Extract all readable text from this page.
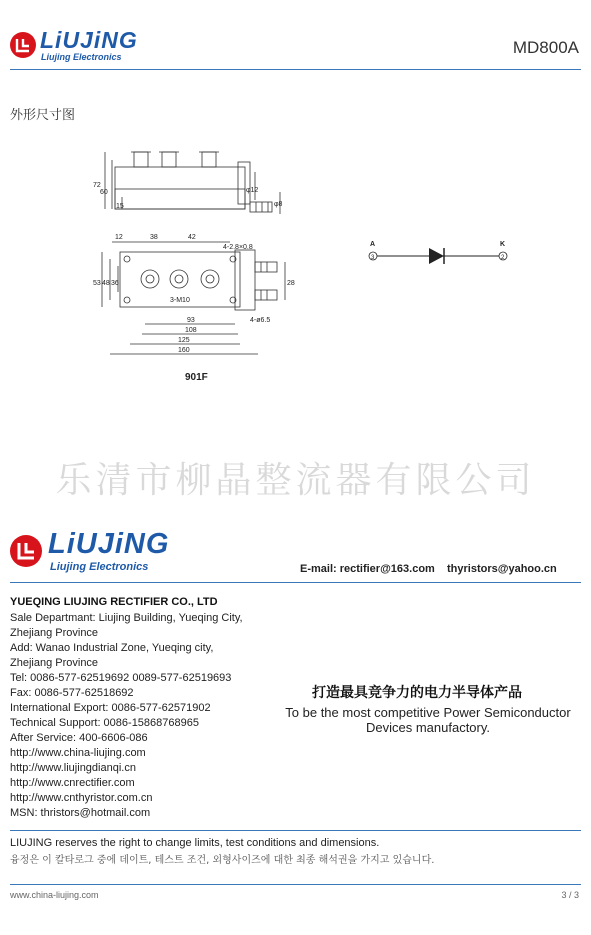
LiUJiNG
Liujing Electronics	MD800A
外形尺寸图
72
60
15
φ12
φ8
12	38	42
53 48 36
93
108
125
160
4-2.8×0.8
3-M10
4-ø6.5
28
901F
A
3
K
2
乐清市柳晶整流器有限公司
LiUJiNG
Liujing Electronics	E-mail: rectifier@163.com thyristors@yahoo.cn
YUEQING LIUJING RECTIFIER CO., LTD
Sale Departmant: Liujing Building, Yueqing City,
Zhejiang Province
Add: Wanao Industrial Zone, Yueqing city,
Zhejiang Province
Tel: 0086-577-62519692 0089-577-62519693
Fax: 0086-577-62518692
International Export: 0086-577-62571902
Technical Support: 0086-15868768965
After Service: 400-6606-086
http://www.china-liujing.com
http://www.liujingdianqi.cn
http://www.cnrectifier.com
http://www.cnthyristor.com.cn
MSN: thristors@hotmail.com
打造最具竞争力的电力半导体产品
To be the most competitive Power Semiconductor
Devices manufactory.
LIUJING reserves the right to change limits, test conditions and dimensions.
융정은 이 칼타로그 중에 데이트, 테스트 조건, 외형사이즈에 대한 최종 해석권을 가지고 있습니다.
www.china-liujing.com	3 / 3
